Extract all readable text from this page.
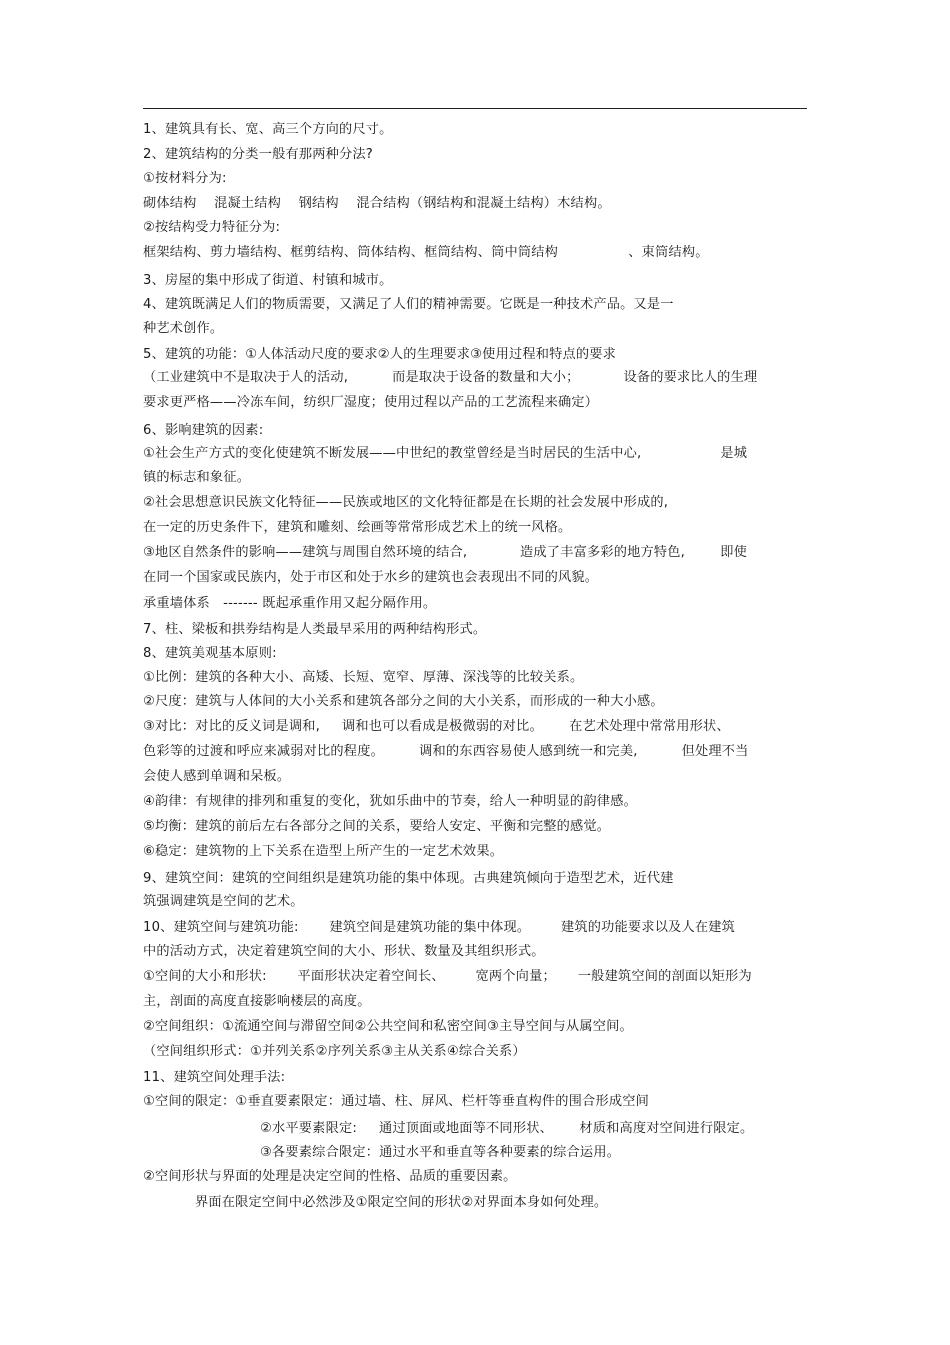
1、建筑具有长、宽、高三个方向的尺寸。
2、建筑结构的分类一般有那两种分法?
①按材料分为:
砌体结构    混凝土结构    钢结构    混合结构（钢结构和混凝土结构）木结构。
②按结构受力特征分为:
框架结构、剪力墙结构、框剪结构、筒体结构、框筒结构、筒中筒结构                、束筒结构。
3、房屋的集中形成了街道、村镇和城市。
4、建筑既满足人们的物质需要，又满足了人们的精神需要。它既是一种技术产品。又是一
种艺术创作。
5、建筑的功能：①人体活动尺度的要求②人的生理要求③使用过程和特点的要求
（工业建筑中不是取决于人的活动,          而是取决于设备的数量和大小；          设备的要求比人的生理
要求更严格——冷冻车间，纺织厂湿度；使用过程以产品的工艺流程来确定）
6、影响建筑的因素:
①社会生产方式的变化使建筑不断发展——中世纪的教堂曾经是当时居民的生活中心,                  是城
镇的标志和象征。
②社会思想意识民族文化特征——民族或地区的文化特征都是在长期的社会发展中形成的,
在一定的历史条件下，建筑和雕刻、绘画等常常形成艺术上的统一风格。
③地区自然条件的影响——建筑与周围自然环境的结合,            造成了丰富多彩的地方特色,        即使
在同一个国家或民族内，处于市区和处于水乡的建筑也会表现出不同的风貌。
承重墙体系   ------- 既起承重作用又起分隔作用。
7、柱、梁板和拱券结构是人类最早采用的两种结构形式。
8、建筑美观基本原则:
①比例：建筑的各种大小、高矮、长短、宽窄、厚薄、深浅等的比较关系。
②尺度：建筑与人体间的大小关系和建筑各部分之间的大小关系，而形成的一种大小感。
③对比：对比的反义词是调和,     调和也可以看成是极微弱的对比。      在艺术处理中常常用形状、
色彩等的过渡和呼应来减弱对比的程度。        调和的东西容易使人感到统一和完美,          但处理不当
会使人感到单调和呆板。
④韵律：有规律的排列和重复的变化，犹如乐曲中的节奏，给人一种明显的韵律感。
⑤均衡：建筑的前后左右各部分之间的关系，要给人安定、平衡和完整的感觉。
⑥稳定：建筑物的上下关系在造型上所产生的一定艺术效果。
9、建筑空间：建筑的空间组织是建筑功能的集中体现。古典建筑倾向于造型艺术，近代建
筑强调建筑是空间的艺术。
10、建筑空间与建筑功能:       建筑空间是建筑功能的集中体现。       建筑的功能要求以及人在建筑
中的活动方式，决定着建筑空间的大小、形状、数量及其组织形式。
①空间的大小和形状:       平面形状决定着空间长、       宽两个向量；     一般建筑空间的剖面以矩形为
主，剖面的高度直接影响楼层的高度。
②空间组织：①流通空间与滞留空间②公共空间和私密空间③主导空间与从属空间。
（空间组织形式：①并列关系②序列关系③主从关系④综合关系）
11、建筑空间处理手法:
①空间的限定：①垂直要素限定：通过墙、柱、屏风、栏杆等垂直构件的围合形成空间
②水平要素限定:     通过顶面或地面等不同形状、      材质和高度对空间进行限定。
③各要素综合限定：通过水平和垂直等各种要素的综合运用。
②空间形状与界面的处理是决定空间的性格、品质的重要因素。
界面在限定空间中必然涉及①限定空间的形状②对界面本身如何处理。
